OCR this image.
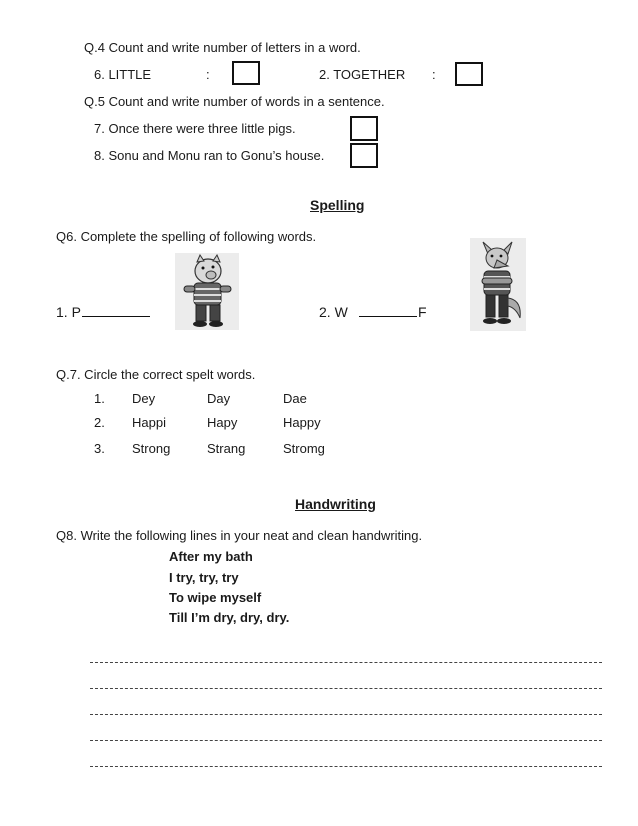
Q.4 Count and write number of letters in a word.
6. LITTLE	:	2. TOGETHER :
Q.5 Count and write number of words in a sentence.
7. Once there were three little pigs.
8. Sonu and Monu ran to Gonu’s house.
Spelling
Q6. Complete the spelling of following words.
1. P	2. W	F
Q.7. Circle the correct spelt words.
1. Dey	Day	Dae
2. Happi	Hapy	Happy
3. Strong	Strang	Stromg
Handwriting
Q8. Write the following lines in your neat and clean handwriting.
After my bath
I try, try, try
To wipe myself
Till I’m dry, dry, dry.
